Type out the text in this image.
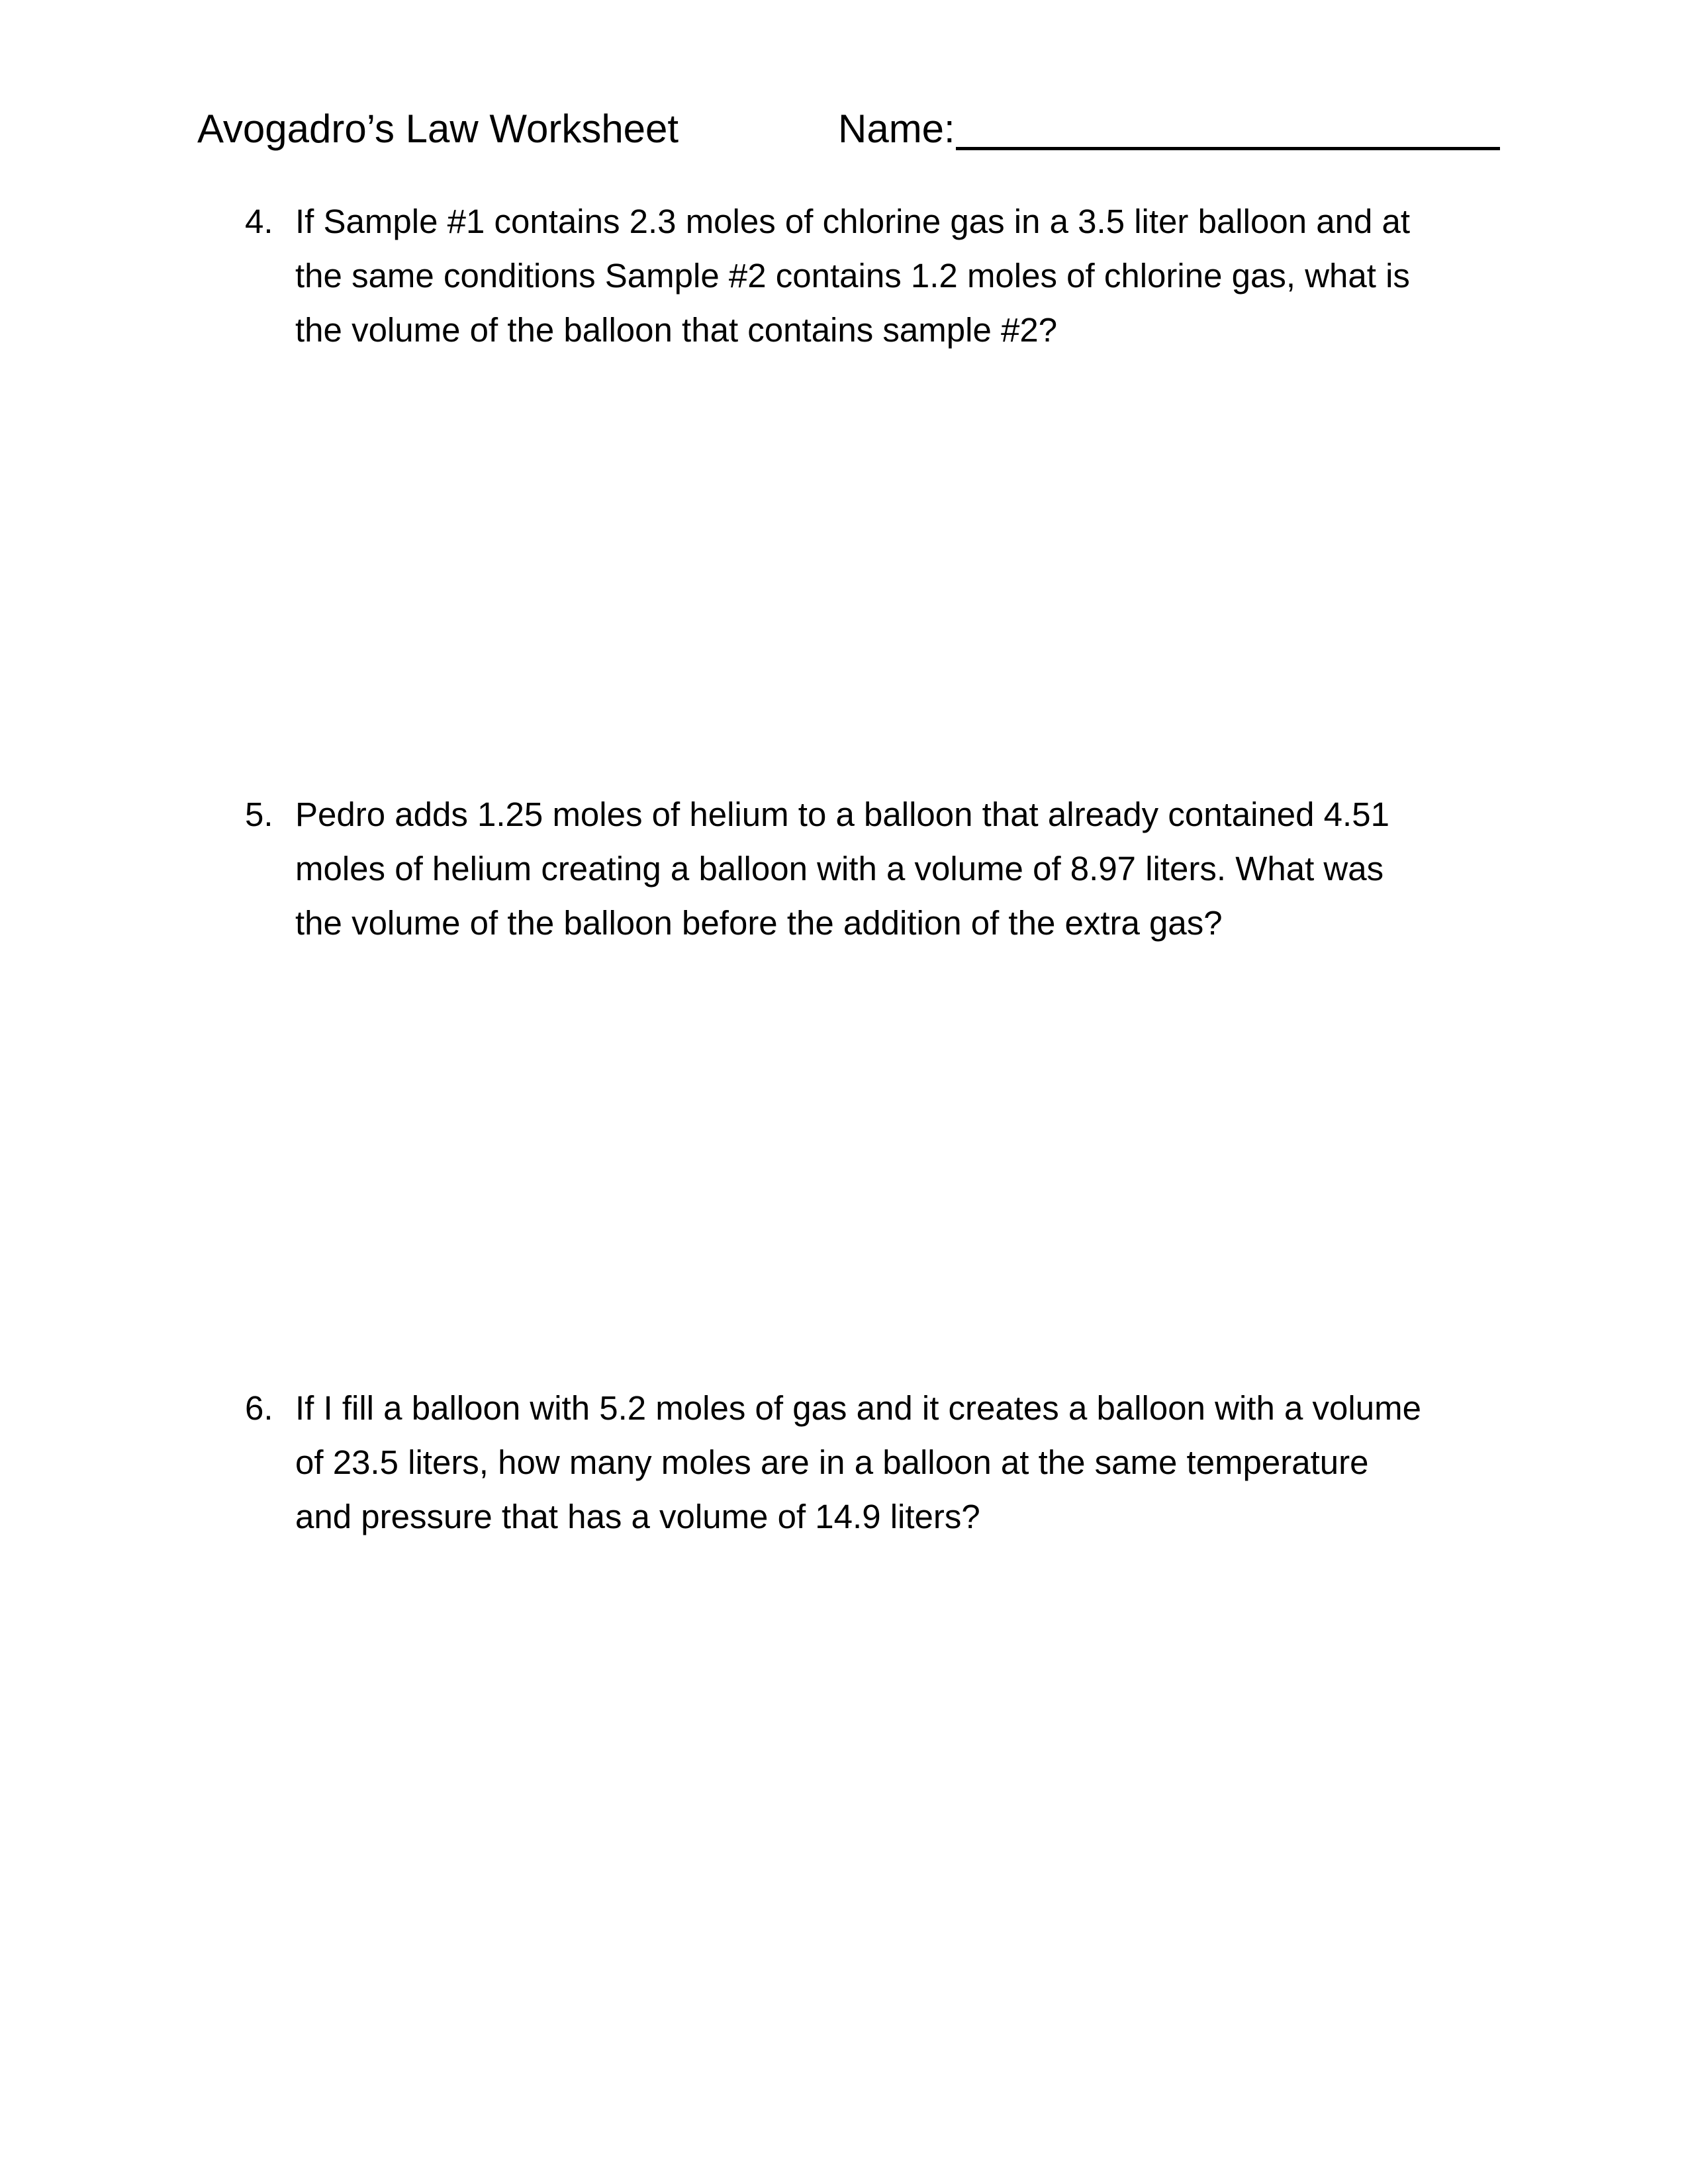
Avogadro’s Law Worksheet	Name:
4. If Sample #1 contains 2.3 moles of chlorine gas in a 3.5 liter balloon and at
the same conditions Sample #2 contains 1.2 moles of chlorine gas, what is
the volume of the balloon that contains sample #2?
5. Pedro adds 1.25 moles of helium to a balloon that already contained 4.51
moles of helium creating a balloon with a volume of 8.97 liters. What was
the volume of the balloon before the addition of the extra gas?
6. If I fill a balloon with 5.2 moles of gas and it creates a balloon with a volume
of 23.5 liters, how many moles are in a balloon at the same temperature
and pressure that has a volume of 14.9 liters?
